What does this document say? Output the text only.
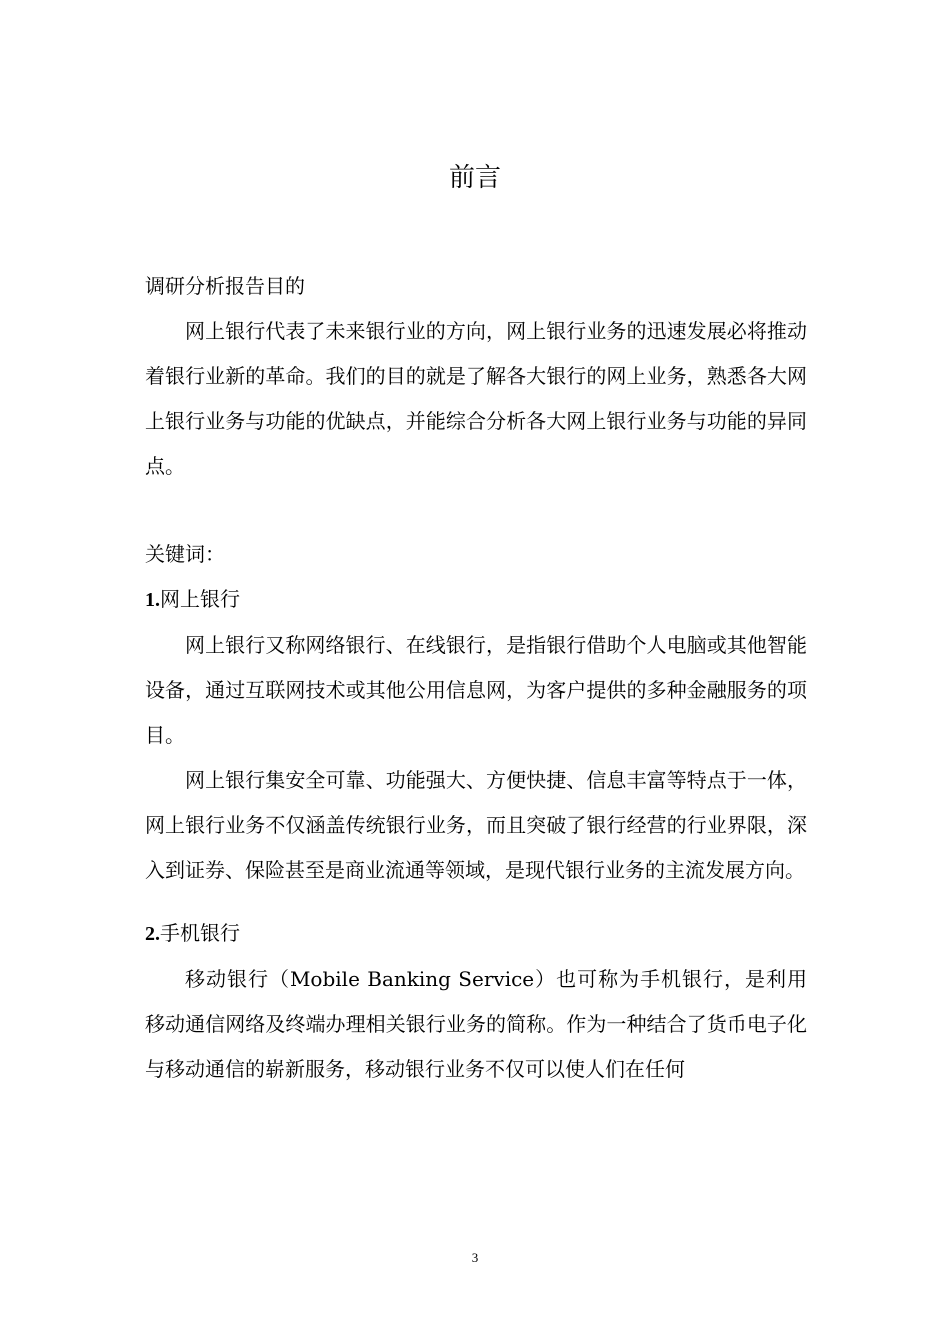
前言

调研分析报告目的

网上银行代表了未来银行业的方向，网上银行业务的迅速发展必将推动着银行业新的革命。我们的目的就是了解各大银行的网上业务，熟悉各大网上银行业务与功能的优缺点，并能综合分析各大网上银行业务与功能的异同点。

关键词：

1.网上银行

网上银行又称网络银行、在线银行，是指银行借助个人电脑或其他智能设备，通过互联网技术或其他公用信息网，为客户提供的多种金融服务的项目。

网上银行集安全可靠、功能强大、方便快捷、信息丰富等特点于一体，网上银行业务不仅涵盖传统银行业务，而且突破了银行经营的行业界限，深入到证券、保险甚至是商业流通等领域，是现代银行业务的主流发展方向。

2.手机银行

移动银行（Mobile Banking Service）也可称为手机银行，是利用移动通信网络及终端办理相关银行业务的简称。作为一种结合了货币电子化与移动通信的崭新服务，移动银行业务不仅可以使人们在任何

3
